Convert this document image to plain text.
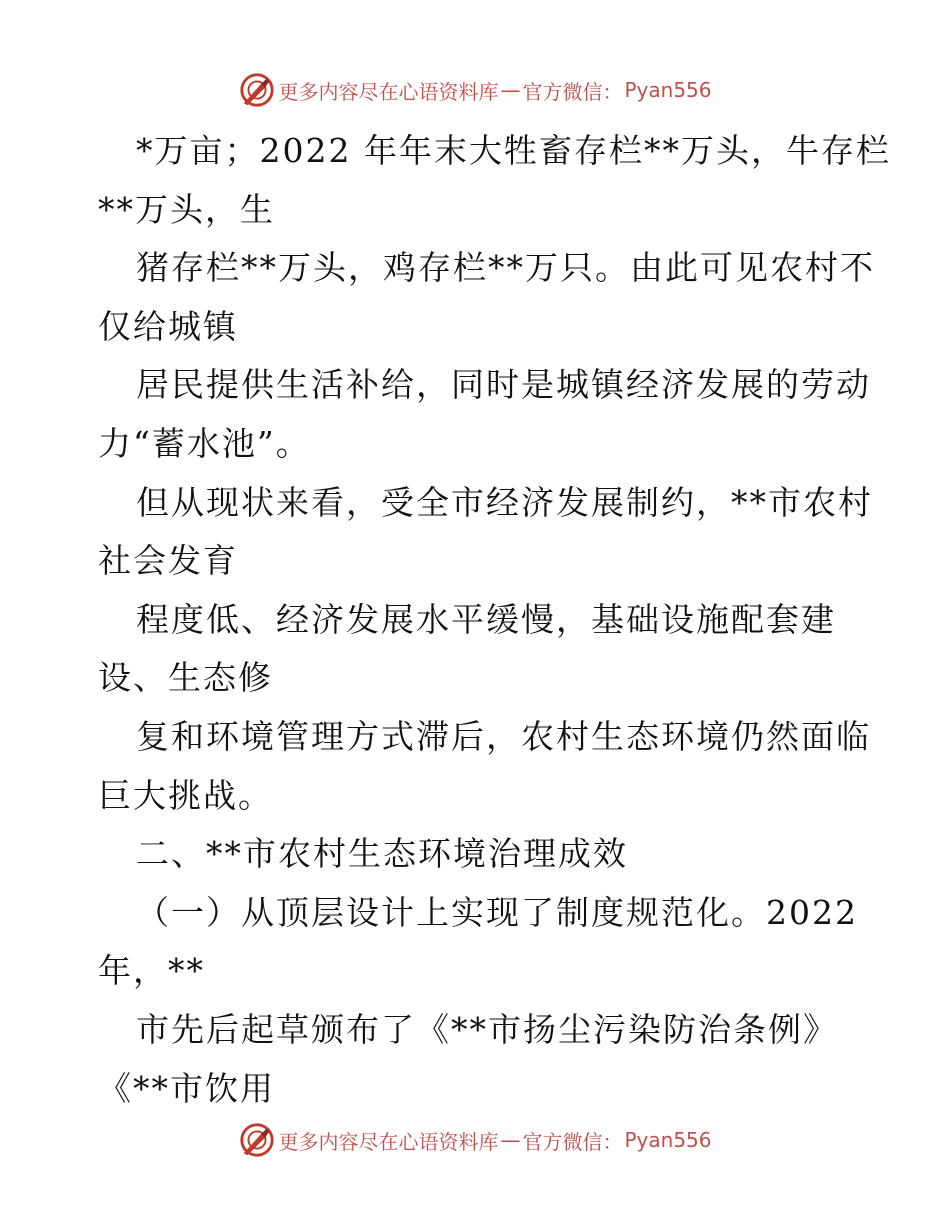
更多内容尽在心语资料库 — 官方微信： Pyan556
*万亩；2022 年年末大牲畜存栏**万头，牛存栏
**万头，生
猪存栏**万头，鸡存栏**万只。由此可见农村不
仅给城镇
居民提供生活补给，同时是城镇经济发展的劳动
力“蓄水池”。
但从现状来看，受全市经济发展制约，**市农村
社会发育
程度低、经济发展水平缓慢，基础设施配套建
设、生态修
复和环境管理方式滞后，农村生态环境仍然面临
巨大挑战。
二、**市农村生态环境治理成效
（一）从顶层设计上实现了制度规范化。2022
年，**
市先后起草颁布了《**市扬尘污染防治条例》
《**市饮用
更多内容尽在心语资料库 — 官方微信： Pyan556
